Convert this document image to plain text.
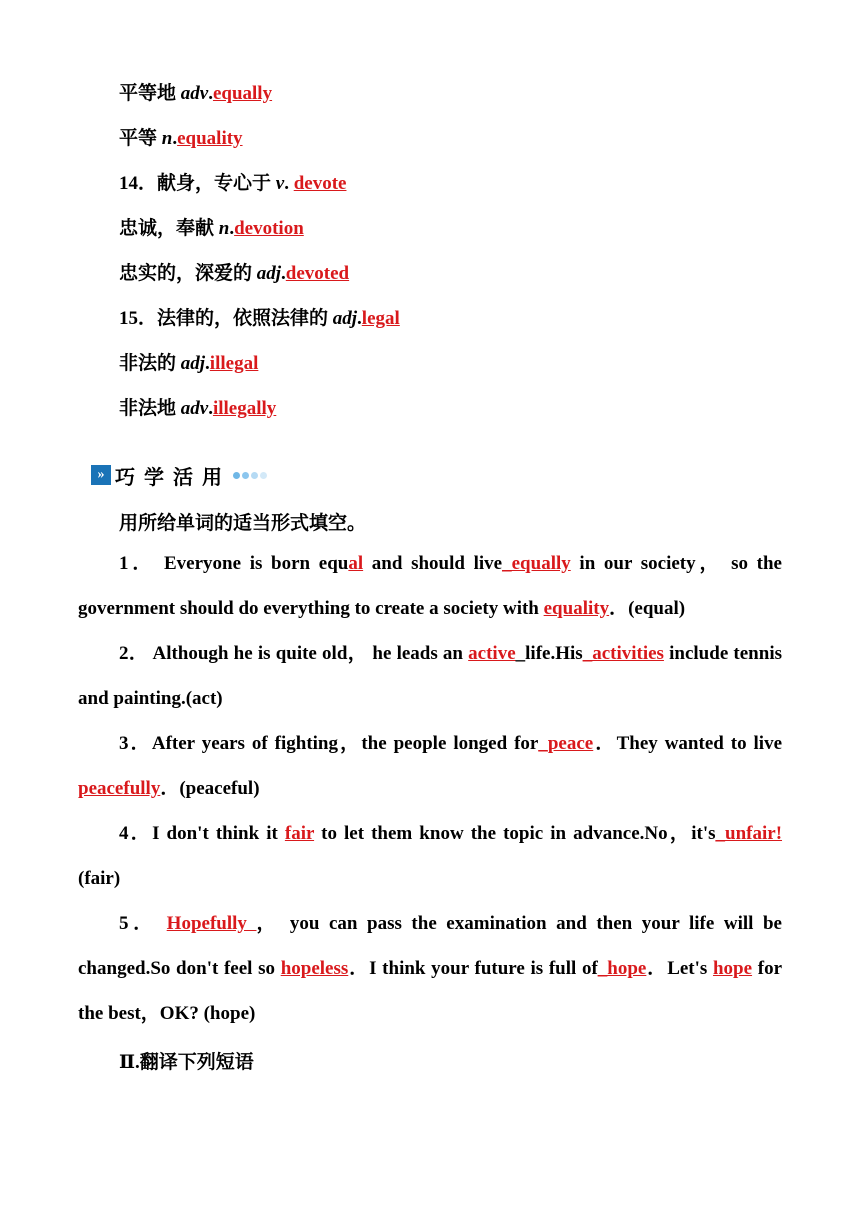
平等地 adv.equally
平等 n.equality
14．献身，专心于 v. devote
忠诚，奉献 n.devotion
忠实的，深爱的 adj.devoted
15．法律的，依照法律的 adj.legal
非法的 adj.illegal
非法地 adv.illegally
» 巧学活用
用所给单词的适当形式填空。
1． Everyone is born equal and should live_equally in our society， so the government should do everything to create a society with equality．(equal)
2． Although he is quite old， he leads an active_life.His_activities include tennis and painting.(act)
3．After years of fighting，the people longed for_peace．They wanted to live peacefully．(peaceful)
4．I don't think it fair to let them know the topic in advance.No，it's_unfair! (fair)
5． Hopefully ， you can pass the examination and then your life will be changed.So don't feel so hopeless．I think your future is full of_hope．Let's hope for the best，OK? (hope)
Ⅱ.翻译下列短语
